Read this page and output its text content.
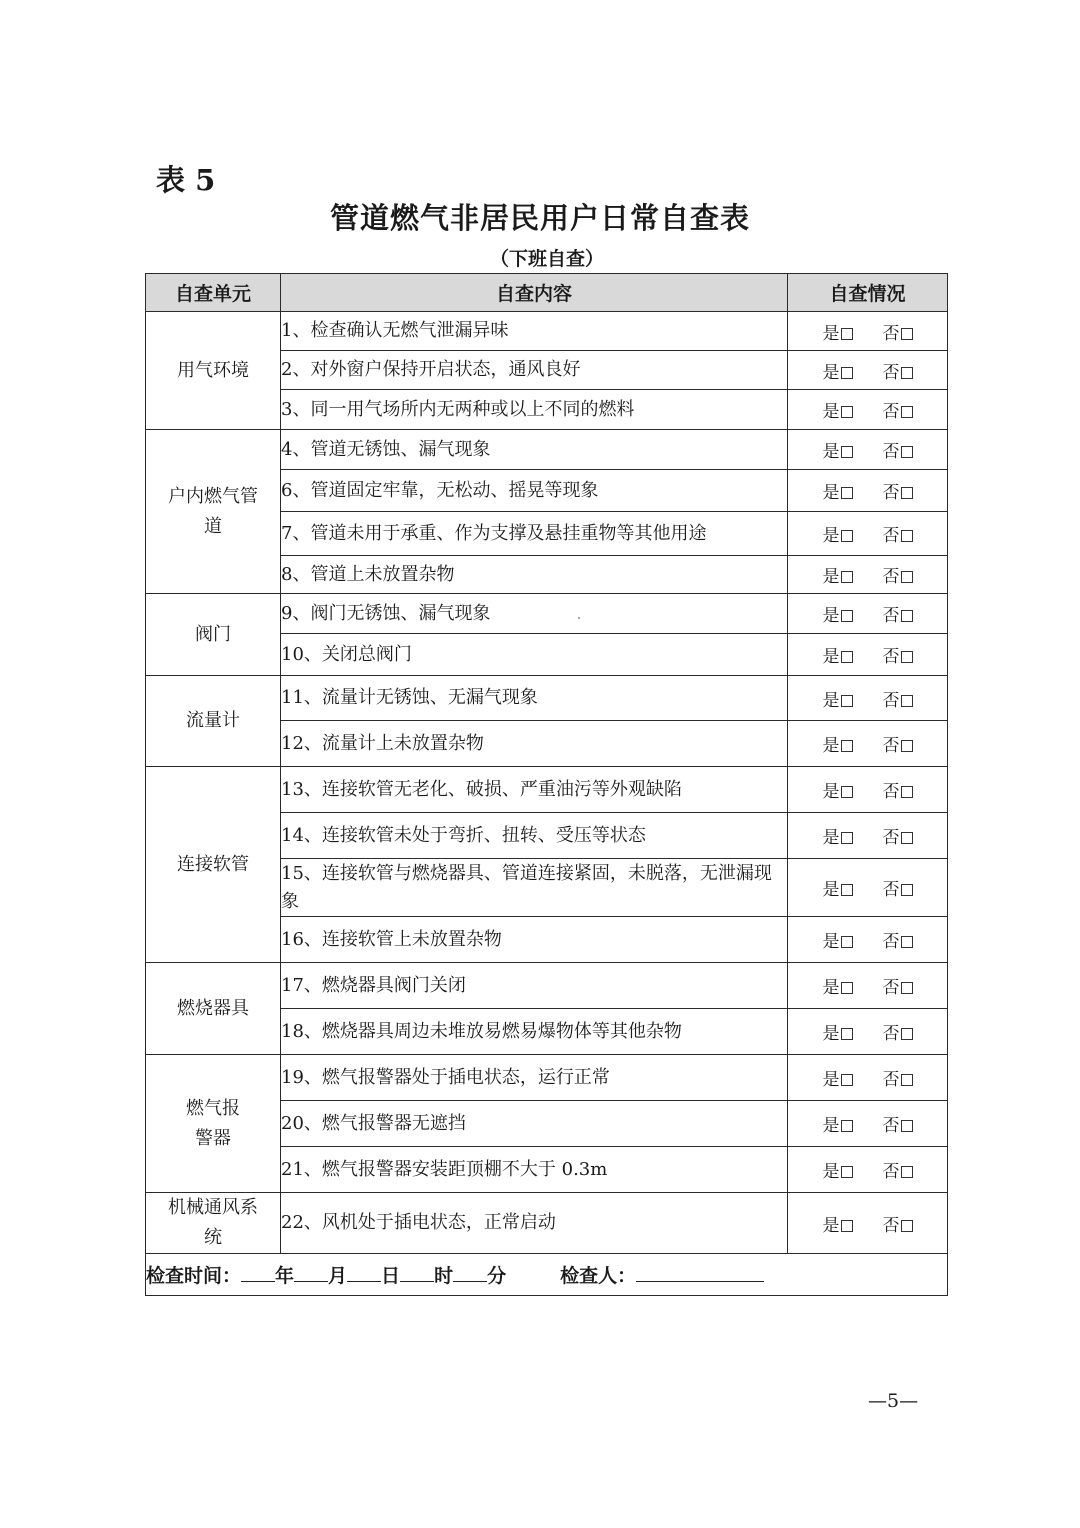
表 5
管道燃气非居民用户日常自查表
（下班自查）
自查单元	自查内容	自查情况
用气环境	1、检查确认无燃气泄漏异味	是 否

	2、对外窗户保持开启状态，通风良好	是 否

	3、同一用气场所内无两种或以上不同的燃料	是 否

户内燃气管道	4、管道无锈蚀、漏气现象	是 否

	6、管道固定牢靠，无松动、摇晃等现象	是 否

	7、管道未用于承重、作为支撑及悬挂重物等其他用途	是 否

	8、管道上未放置杂物	是 否

阀门	9、阀门无锈蚀、漏气现象	是 否

	10、关闭总阀门	是 否

流量计	11、流量计无锈蚀、无漏气现象	是 否

	12、流量计上未放置杂物	是 否

连接软管	13、连接软管无老化、破损、严重油污等外观缺陷	是 否

	14、连接软管未处于弯折、扭转、受压等状态	是 否

	15、连接软管与燃烧器具、管道连接紧固，未脱落，无泄漏现象	是 否

	16、连接软管上未放置杂物	是 否

燃烧器具	17、燃烧器具阀门关闭	是 否

	18、燃烧器具周边未堆放易燃易爆物体等其他杂物	是 否

燃气报警器	19、燃气报警器处于插电状态，运行正常	是 否

	20、燃气报警器无遮挡	是 否

	21、燃气报警器安装距顶棚不大于 0.3m	是 否

机械通风系统	22、风机处于插电状态，正常启动	是 否

检查时间： 年 月 日 时 分 检查人：		
—5—
